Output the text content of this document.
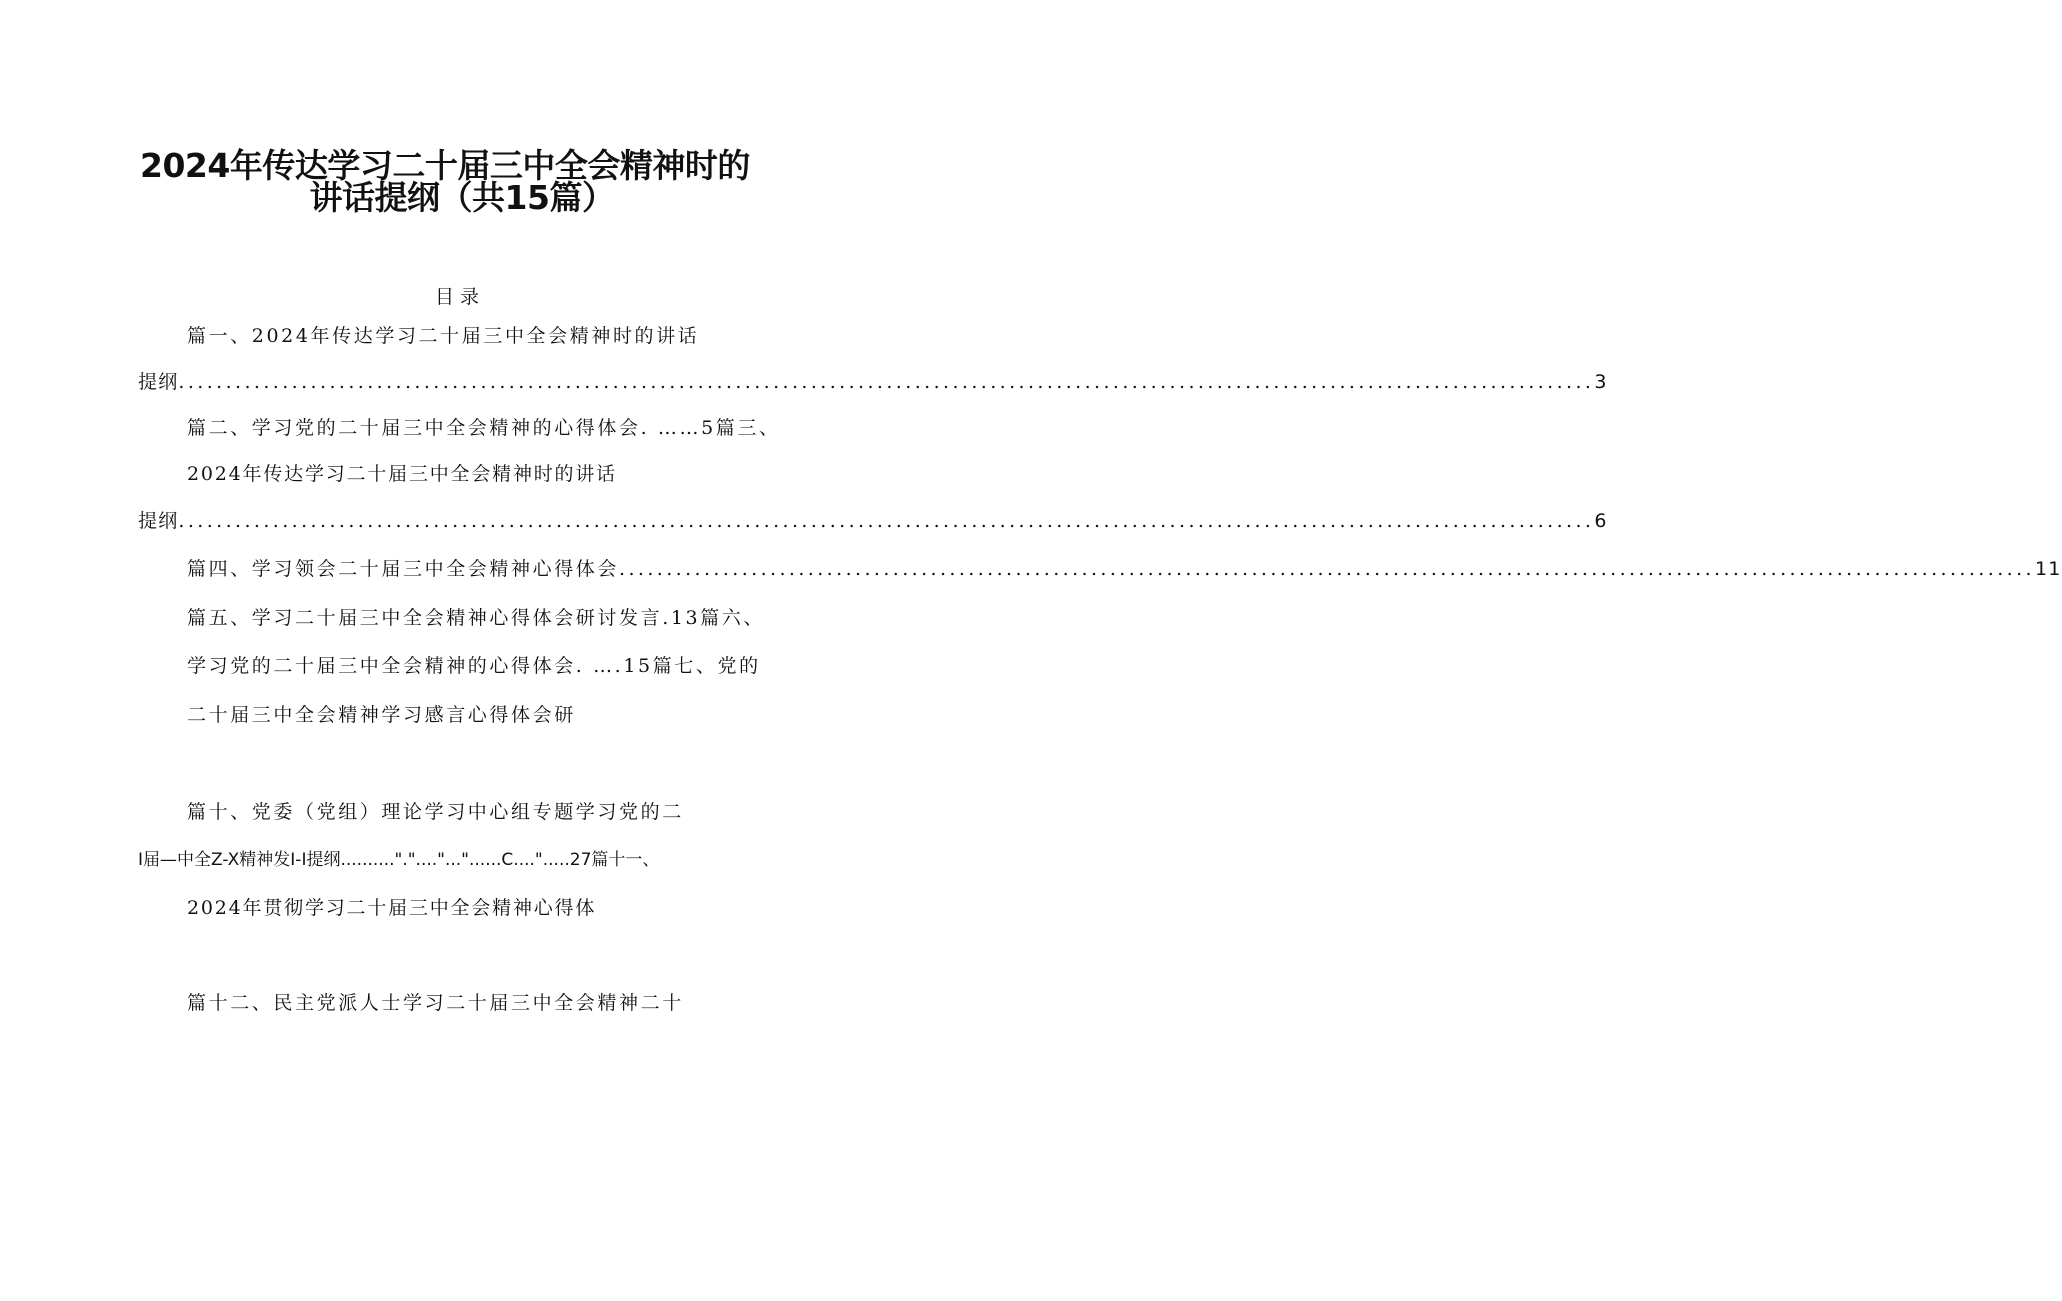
2024年传达学习二十届三中全会精神时的
讲话提纲（共15篇）
目录
篇一、2024年传达学习二十届三中全会精神时的讲话
提纲 ...................................................................................................................................................... 3
篇二、学习党的二十届三中全会精神的心得体会. ……5篇三、
2024年传达学习二十届三中全会精神时的讲话
提纲 ...................................................................................................................................................... 6
篇四、学习领会二十届三中全会精神心得体会 ...................................................................................................................................................... 11
篇五、学习二十届三中全会精神心得体会研讨发言.13篇六、
学习党的二十届三中全会精神的心得体会. ….15篇七、党的
二十届三中全会精神学习感言心得体会研
篇十、党委（党组）理论学习中心组专题学习党的二
I届—中全Z-X精神发I-I提纲.........."."...."..."......C....".....27篇十一、
2024年贯彻学习二十届三中全会精神心得体
篇十二、民主党派人士学习二十届三中全会精神二十
